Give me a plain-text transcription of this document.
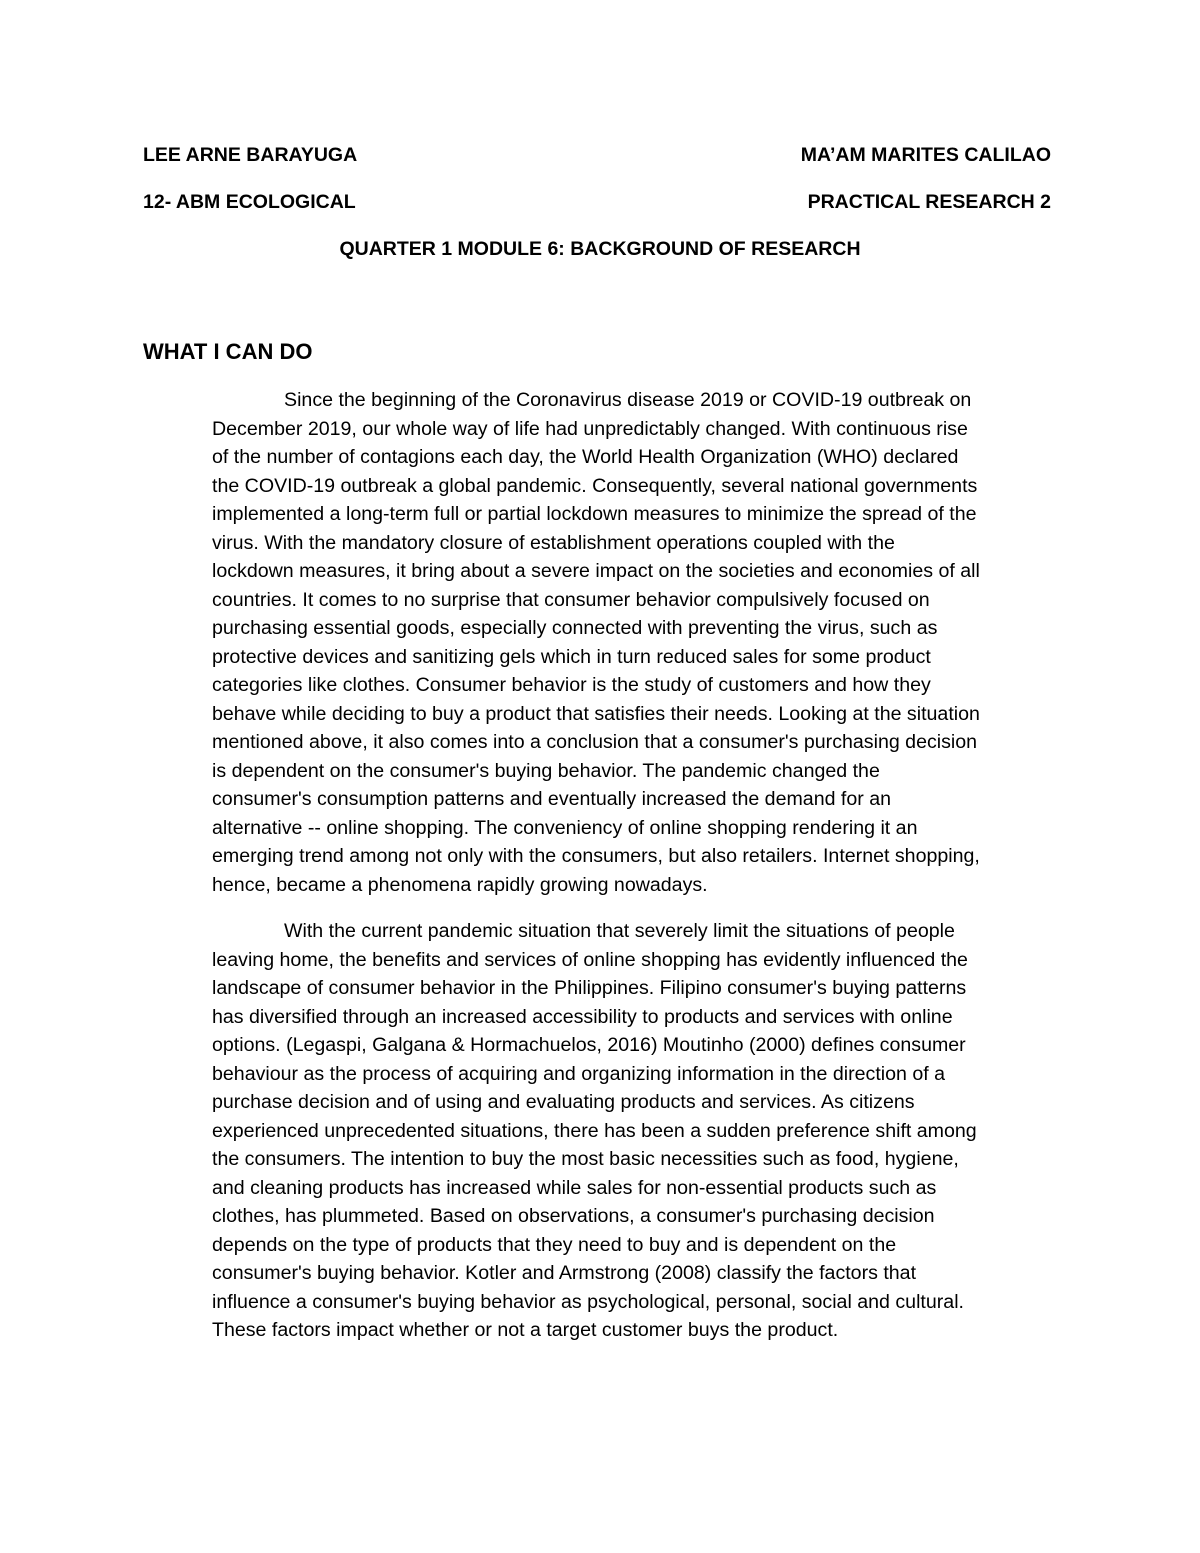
LEE ARNE BARAYUGA	MA’AM MARITES CALILAO
12- ABM ECOLOGICAL	PRACTICAL RESEARCH 2
QUARTER 1 MODULE 6: BACKGROUND OF RESEARCH
WHAT I CAN DO
Since the beginning of the Coronavirus disease 2019 or COVID-19 outbreak on
December 2019, our whole way of life had unpredictably changed. With continuous rise
of the number of contagions each day, the World Health Organization (WHO) declared
the COVID-19 outbreak a global pandemic. Consequently, several national governments
implemented a long-term full or partial lockdown measures to minimize the spread of the
virus. With the mandatory closure of establishment operations coupled with the
lockdown measures, it bring about a severe impact on the societies and economies of all
countries. It comes to no surprise that consumer behavior compulsively focused on
purchasing essential goods, especially connected with preventing the virus, such as
protective devices and sanitizing gels which in turn reduced sales for some product
categories like clothes. Consumer behavior is the study of customers and how they
behave while deciding to buy a product that satisfies their needs. Looking at the situation
mentioned above, it also comes into a conclusion that a consumer's purchasing decision
is dependent on the consumer's buying behavior. The pandemic changed the
consumer's consumption patterns and eventually increased the demand for an
alternative -- online shopping. The conveniency of online shopping rendering it an
emerging trend among not only with the consumers, but also retailers. Internet shopping,
hence, became a phenomena rapidly growing nowadays.
With the current pandemic situation that severely limit the situations of people
leaving home, the benefits and services of online shopping has evidently influenced the
landscape of consumer behavior in the Philippines. Filipino consumer's buying patterns
has diversified through an increased accessibility to products and services with online
options. (Legaspi, Galgana & Hormachuelos, 2016) Moutinho (2000) defines consumer
behaviour as the process of acquiring and organizing information in the direction of a
purchase decision and of using and evaluating products and services. As citizens
experienced unprecedented situations, there has been a sudden preference shift among
the consumers. The intention to buy the most basic necessities such as food, hygiene,
and cleaning products has increased while sales for non-essential products such as
clothes, has plummeted. Based on observations, a consumer's purchasing decision
depends on the type of products that they need to buy and is dependent on the
consumer's buying behavior. Kotler and Armstrong (2008) classify the factors that
influence a consumer's buying behavior as psychological, personal, social and cultural.
These factors impact whether or not a target customer buys the product.
